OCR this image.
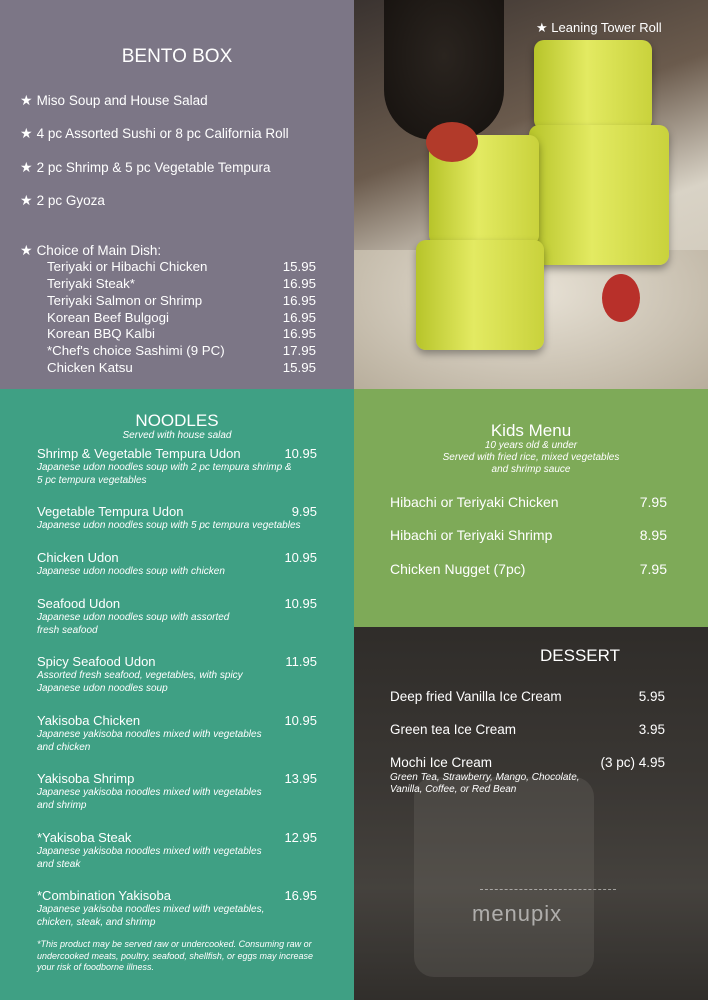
BENTO BOX
★ Miso Soup and House Salad
★ 4 pc Assorted Sushi or 8 pc California Roll
★ 2 pc Shrimp & 5 pc Vegetable Tempura
★ 2 pc Gyoza
★ Choice of Main Dish:
Teriyaki or Hibachi Chicken	15.95
Teriyaki Steak*	16.95
Teriyaki Salmon or Shrimp	16.95
Korean Beef Bulgogi	16.95
Korean BBQ Kalbi	16.95
*Chef's choice Sashimi (9 PC)	17.95
Chicken Katsu	15.95
★ Leaning Tower Roll
NOODLES
Served with house salad
Shrimp & Vegetable Tempura Udon	10.95
Japanese udon noodles soup with 2 pc tempura shrimp & 5 pc tempura vegetables
Vegetable Tempura Udon	9.95
Japanese udon noodles soup with 5 pc tempura vegetables
Chicken Udon	10.95
Japanese udon noodles soup with chicken
Seafood Udon	10.95
Japanese udon noodles soup with assorted fresh seafood
Spicy Seafood Udon	11.95
Assorted fresh seafood, vegetables, with spicy Japanese udon noodles soup
Yakisoba Chicken	10.95
Japanese yakisoba noodles mixed with vegetables and chicken
Yakisoba Shrimp	13.95
Japanese yakisoba noodles mixed with vegetables and shrimp
*Yakisoba Steak	12.95
Japanese yakisoba noodles mixed with vegetables and steak
*Combination Yakisoba	16.95
Japanese yakisoba noodles mixed with vegetables, chicken, steak, and shrimp
*This product may be served raw or undercooked. Consuming raw or undercooked meats, poultry, seafood, shellfish, or eggs may increase your risk of foodborne illness.
Kids Menu
10 years old & under
Served with fried rice, mixed vegetables
and shrimp sauce
Hibachi or Teriyaki Chicken	7.95
Hibachi or Teriyaki Shrimp	8.95
Chicken Nugget (7pc)	7.95
DESSERT
Deep fried Vanilla Ice Cream	5.95
Green tea Ice Cream	3.95
Mochi Ice Cream	(3 pc) 4.95
Green Tea, Strawberry, Mango, Chocolate, Vanilla, Coffee, or Red Bean
menupix
